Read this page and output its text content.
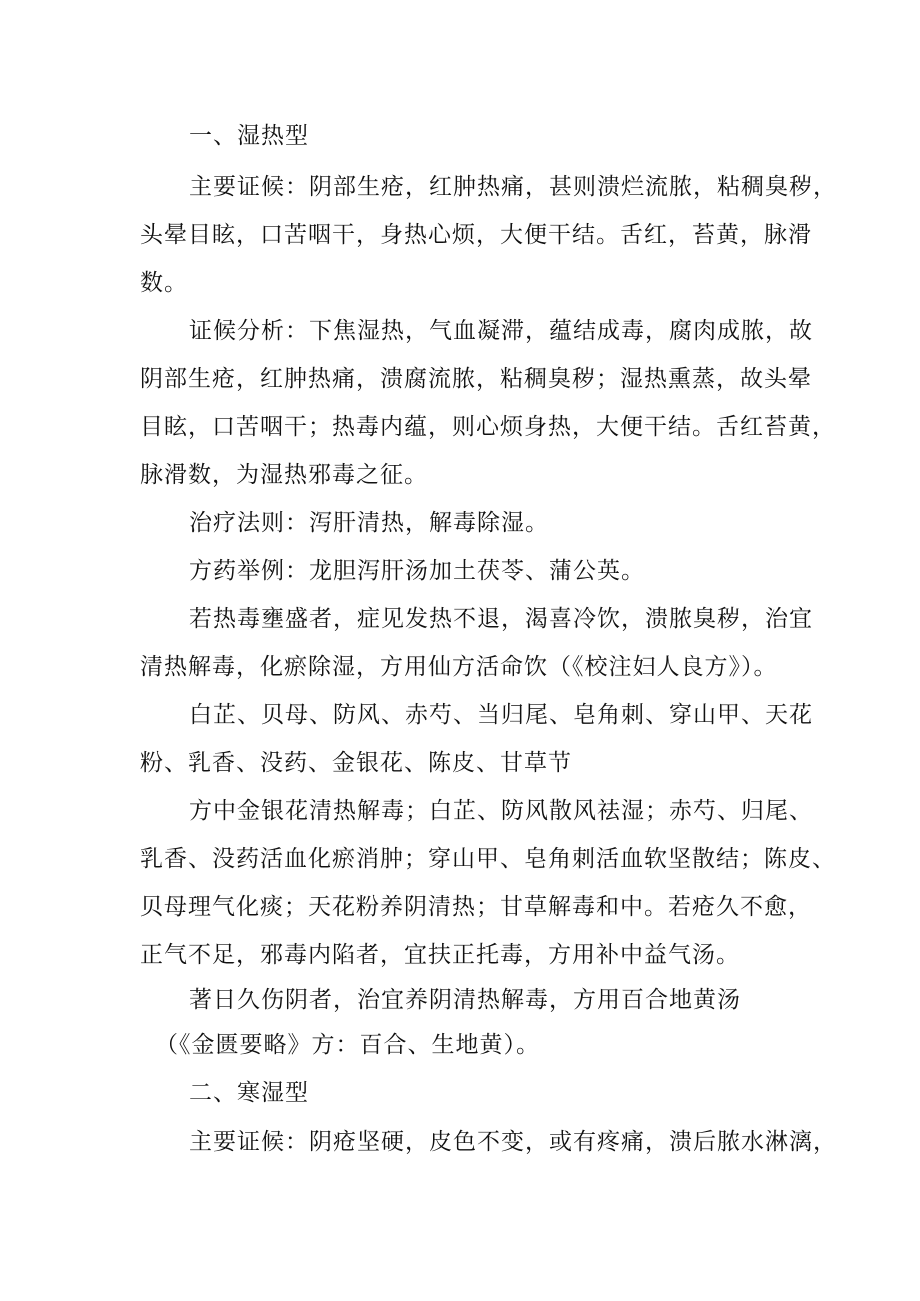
一、湿热型

主要证候：阴部生疮，红肿热痛，甚则溃烂流脓，粘稠臭秽，

头晕目眩，口苦咽干，身热心烦，大便干结。舌红，苔黄，脉滑

数。

证候分析：下焦湿热，气血凝滞，蕴结成毒，腐肉成脓，故

阴部生疮，红肿热痛，溃腐流脓，粘稠臭秽；湿热熏蒸，故头晕

目眩，口苦咽干；热毒内蕴，则心烦身热，大便干结。舌红苔黄，

脉滑数，为湿热邪毒之征。

治疗法则：泻肝清热，解毒除湿。

方药举例：龙胆泻肝汤加土茯苓、蒲公英。

若热毒壅盛者，症见发热不退，渴喜冷饮，溃脓臭秽，治宜

清热解毒，化瘀除湿，方用仙方活命饮（《校注妇人良方》）。

白芷、贝母、防风、赤芍、当归尾、皂角刺、穿山甲、天花

粉、乳香、没药、金银花、陈皮、甘草节

方中金银花清热解毒；白芷、防风散风祛湿；赤芍、归尾、

乳香、没药活血化瘀消肿；穿山甲、皂角刺活血软坚散结；陈皮、

贝母理气化痰；天花粉养阴清热；甘草解毒和中。若疮久不愈，

正气不足，邪毒内陷者，宜扶正托毒，方用补中益气汤。

著日久伤阴者，治宜养阴清热解毒，方用百合地黄汤

（《金匮要略》方：百合、生地黄）。

二、寒湿型

主要证候：阴疮坚硬，皮色不变，或有疼痛，溃后脓水淋漓，
